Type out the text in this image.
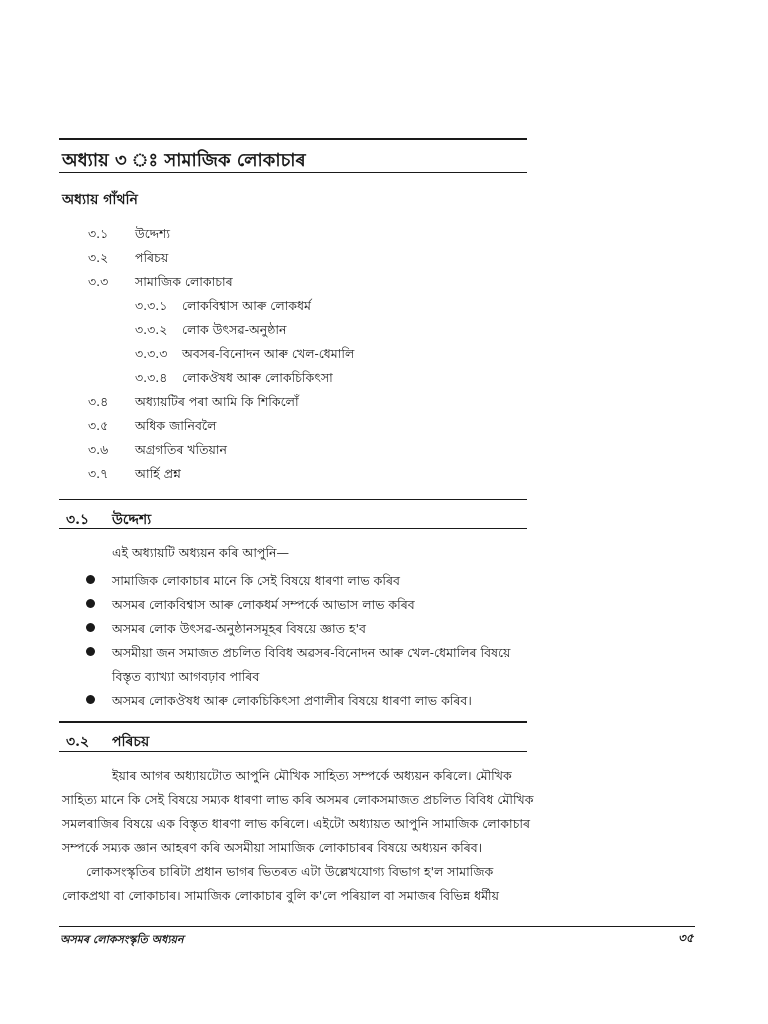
অধ্যায় ৩ ঃ সামাজিক লোকাচাৰ
অধ্যায় গাঁথনি
৩.১ উদ্দেশ্য
৩.২ পৰিচয়
৩.৩ সামাজিক লোকাচাৰ
৩.৩.১ লোকবিশ্বাস আৰু লোকধৰ্ম
৩.৩.২ লোক উৎসৱ-অনুষ্ঠান
৩.৩.৩ অবসৰ-বিনোদন আৰু খেল-ধেমালি
৩.৩.৪ লোকঔষধ আৰু লোকচিকিৎসা
৩.৪ অধ্যায়টিৰ পৰা আমি কি শিকিলোঁ
৩.৫ অধিক জানিবলৈ
৩.৬ অগ্ৰগতিৰ খতিয়ান
৩.৭ আৰ্হি প্ৰশ্ন
৩.১ উদ্দেশ্য
এই অধ্যায়টি অধ্যয়ন কৰি আপুনি—
সামাজিক লোকাচাৰ মানে কি সেই বিষয়ে ধাৰণা লাভ কৰিব
অসমৰ লোকবিশ্বাস আৰু লোকধৰ্ম সম্পৰ্কে আভাস লাভ কৰিব
অসমৰ লোক উৎসৱ-অনুষ্ঠানসমূহৰ বিষয়ে জ্ঞাত হ'ব
অসমীয়া জন সমাজত প্ৰচলিত বিবিধ অৱসৰ-বিনোদন আৰু খেল-ধেমালিৰ বিষয়ে বিস্তৃত ব্যাখ্যা আগবঢ়াব পাৰিব
অসমৰ লোকঔষধ আৰু লোকচিকিৎসা প্ৰণালীৰ বিষয়ে ধাৰণা লাভ কৰিব।
৩.২ পৰিচয়
ইয়াৰ আগৰ অধ্যায়টোত আপুনি মৌখিক সাহিত্য সম্পৰ্কে অধ্যয়ন কৰিলে। মৌখিক
সাহিত্য মানে কি সেই বিষয়ে সম্যক ধাৰণা লাভ কৰি অসমৰ লোকসমাজত প্ৰচলিত বিবিধ মৌখিক
সমলৰাজিৰ বিষয়ে এক বিস্তৃত ধাৰণা লাভ কৰিলে। এইটো অধ্যায়ত আপুনি সামাজিক লোকাচাৰ
সম্পৰ্কে সম্যক জ্ঞান আহৰণ কৰি অসমীয়া সামাজিক লোকাচাৰৰ বিষয়ে অধ্যয়ন কৰিব।
লোকসংস্কৃতিৰ চাৰিটা প্ৰধান ভাগৰ ভিতৰত এটা উল্লেখযোগ্য বিভাগ হ'ল সামাজিক
লোকপ্ৰথা বা লোকাচাৰ। সামাজিক লোকাচাৰ বুলি ক'লে পৰিয়াল বা সমাজৰ বিভিন্ন ধৰ্মীয়
অসমৰ লোকসংস্কৃতি অধ্যয়ন	৩৫
